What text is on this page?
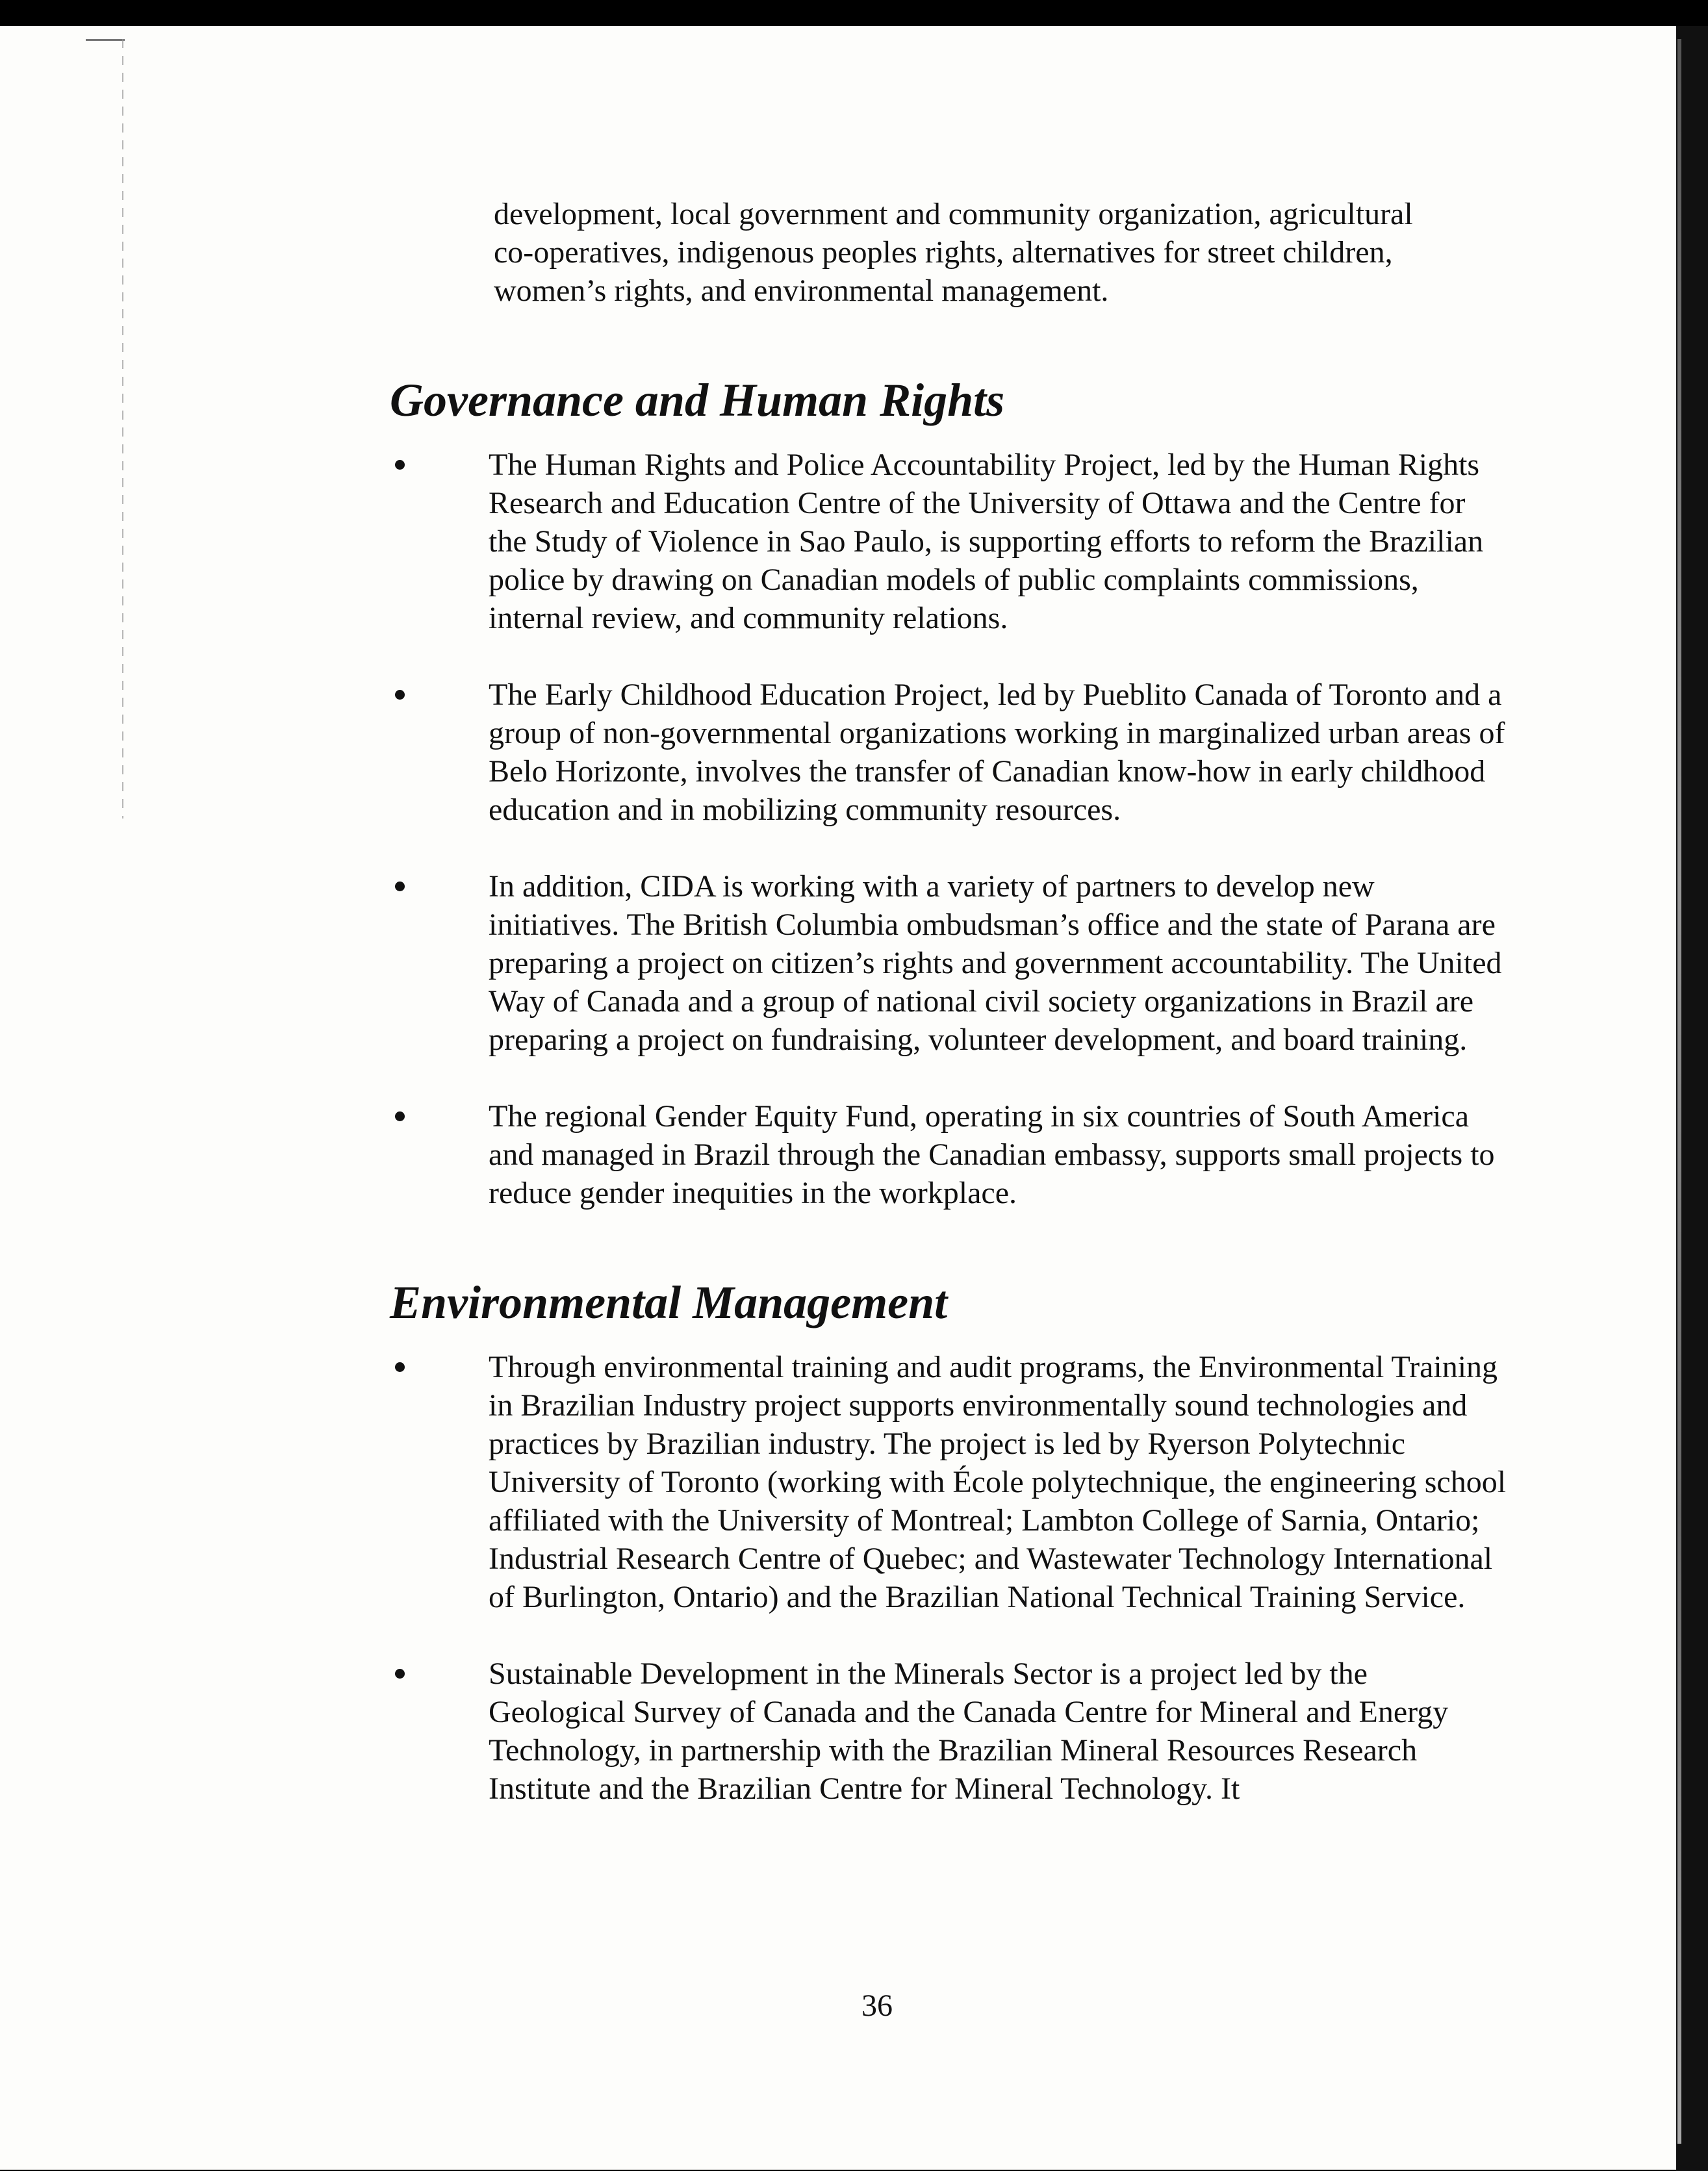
development, local government and community organization, agricultural co-operatives, indigenous peoples rights, alternatives for street children, women’s rights, and environmental management.

Governance and Human Rights
The Human Rights and Police Accountability Project, led by the Human Rights Research and Education Centre of the University of Ottawa and the Centre for the Study of Violence in Sao Paulo, is supporting efforts to reform the Brazilian police by drawing on Canadian models of public complaints commissions, internal review, and community relations.
The Early Childhood Education Project, led by Pueblito Canada of Toronto and a group of non-governmental organizations working in marginalized urban areas of Belo Horizonte, involves the transfer of Canadian know-how in early childhood education and in mobilizing community resources.
In addition, CIDA is working with a variety of partners to develop new initiatives. The British Columbia ombudsman’s office and the state of Parana are preparing a project on citizen’s rights and government accountability. The United Way of Canada and a group of national civil society organizations in Brazil are preparing a project on fundraising, volunteer development, and board training.
The regional Gender Equity Fund, operating in six countries of South America and managed in Brazil through the Canadian embassy, supports small projects to reduce gender inequities in the workplace.
Environmental Management
Through environmental training and audit programs, the Environmental Training in Brazilian Industry project supports environmentally sound technologies and practices by Brazilian industry. The project is led by Ryerson Polytechnic University of Toronto (working with École polytechnique, the engineering school affiliated with the University of Montreal; Lambton College of Sarnia, Ontario; Industrial Research Centre of Quebec; and Wastewater Technology International of Burlington, Ontario) and the Brazilian National Technical Training Service.
Sustainable Development in the Minerals Sector is a project led by the Geological Survey of Canada and the Canada Centre for Mineral and Energy Technology, in partnership with the Brazilian Mineral Resources Research Institute and the Brazilian Centre for Mineral Technology. It
36
